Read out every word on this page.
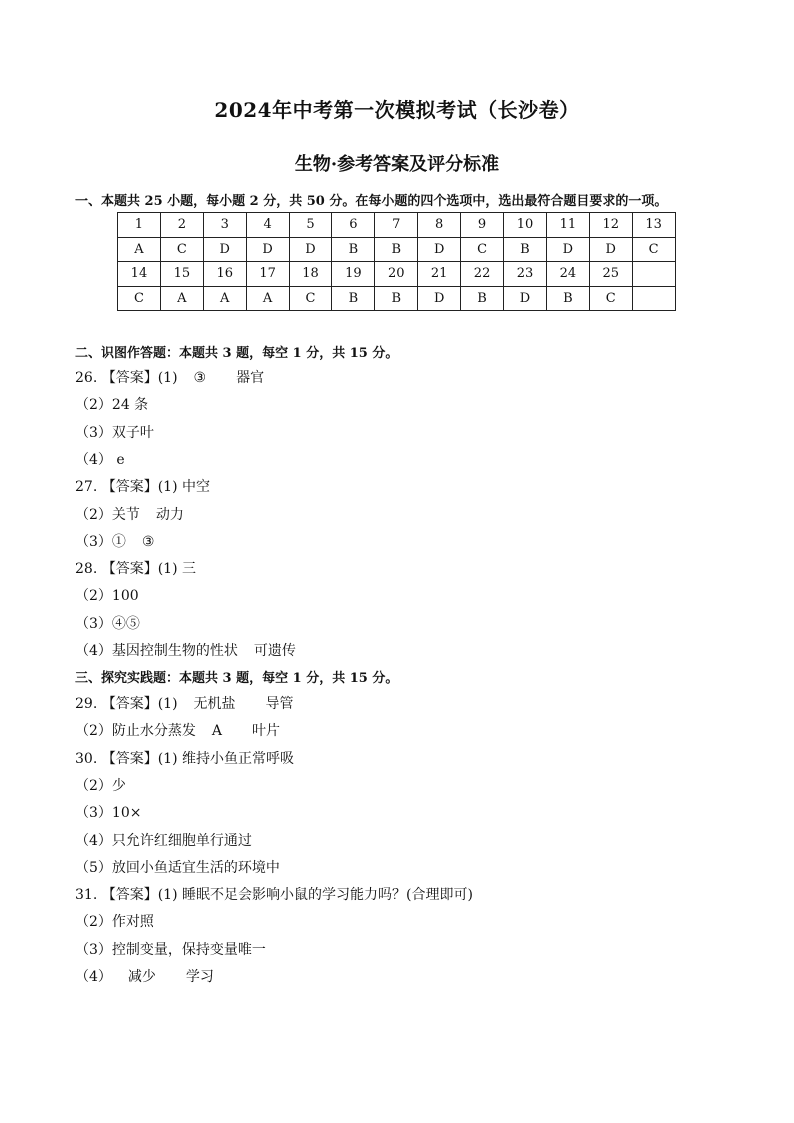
2024年中考第一次模拟考试（长沙卷）
生物·参考答案及评分标准
一、本题共 25 小题，每小题 2 分，共 50 分。在每小题的四个选项中，选出最符合题目要求的一项。
1	2	3	4	5	6	7	8	9	10	11	12	13
A	C	D	D	D	B	B	D	C	B	D	D	C
14	15	16	17	18	19	20	21	22	23	24	25	
C	A	A	A	C	B	B	D	B	D	B	C	
二、识图作答题：本题共 3 题，每空 1 分，共 15 分。
26. 【答案】(1) ③ 器官
（2）24 条
（3）双子叶
（4） e
27. 【答案】(1) 中空
（2）关节 动力
（3）① ③
28. 【答案】(1) 三
（2）100
（3）④⑤
（4）基因控制生物的性状 可遗传
三、探究实践题：本题共 3 题，每空 1 分，共 15 分。
29. 【答案】(1) 无机盐 导管
（2）防止水分蒸发 A 叶片
30. 【答案】(1) 维持小鱼正常呼吸
（2）少
（3）10×
（4）只允许红细胞单行通过
（5）放回小鱼适宜生活的环境中
31. 【答案】(1) 睡眠不足会影响小鼠的学习能力吗？(合理即可)
（2）作对照
（3）控制变量，保持变量唯一
（4） 减少 学习
